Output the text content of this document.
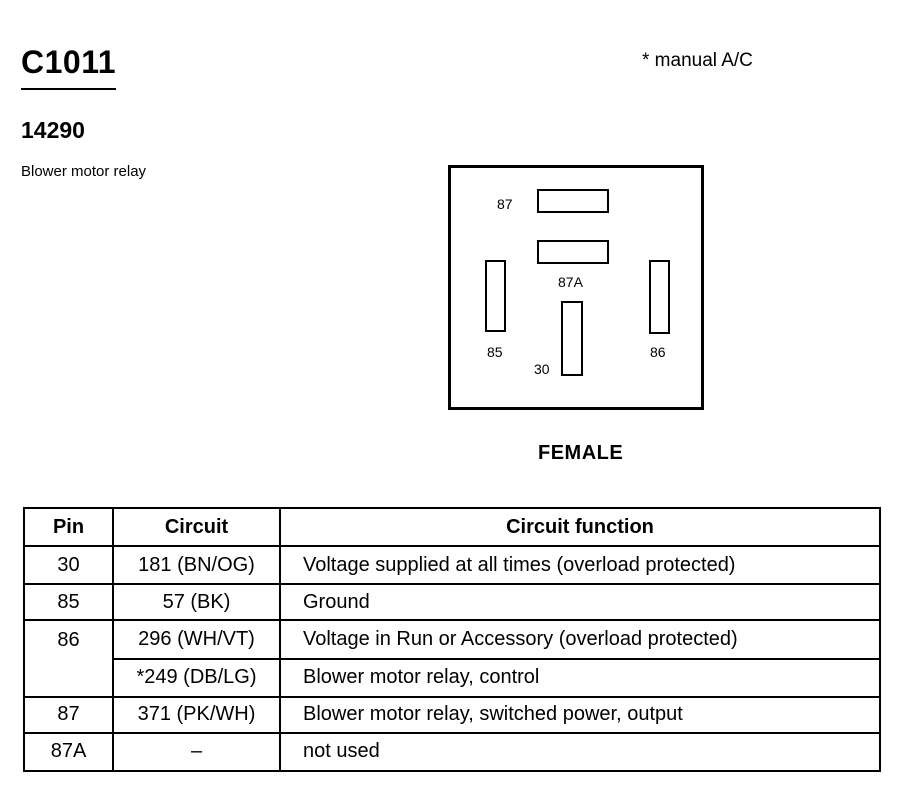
C1011
14290
Blower motor relay
* manual A/C
87
87A
85	86
30
FEMALE
Pin	Circuit	Circuit function
30	181 (BN/OG)	Voltage supplied at all times (overload protected)
85	57 (BK)	Ground
86	296 (WH/VT)	Voltage in Run or Accessory (overload protected)
	*249 (DB/LG)	Blower motor relay, control
87	371 (PK/WH)	Blower motor relay, switched power, output
87A	–	not used
